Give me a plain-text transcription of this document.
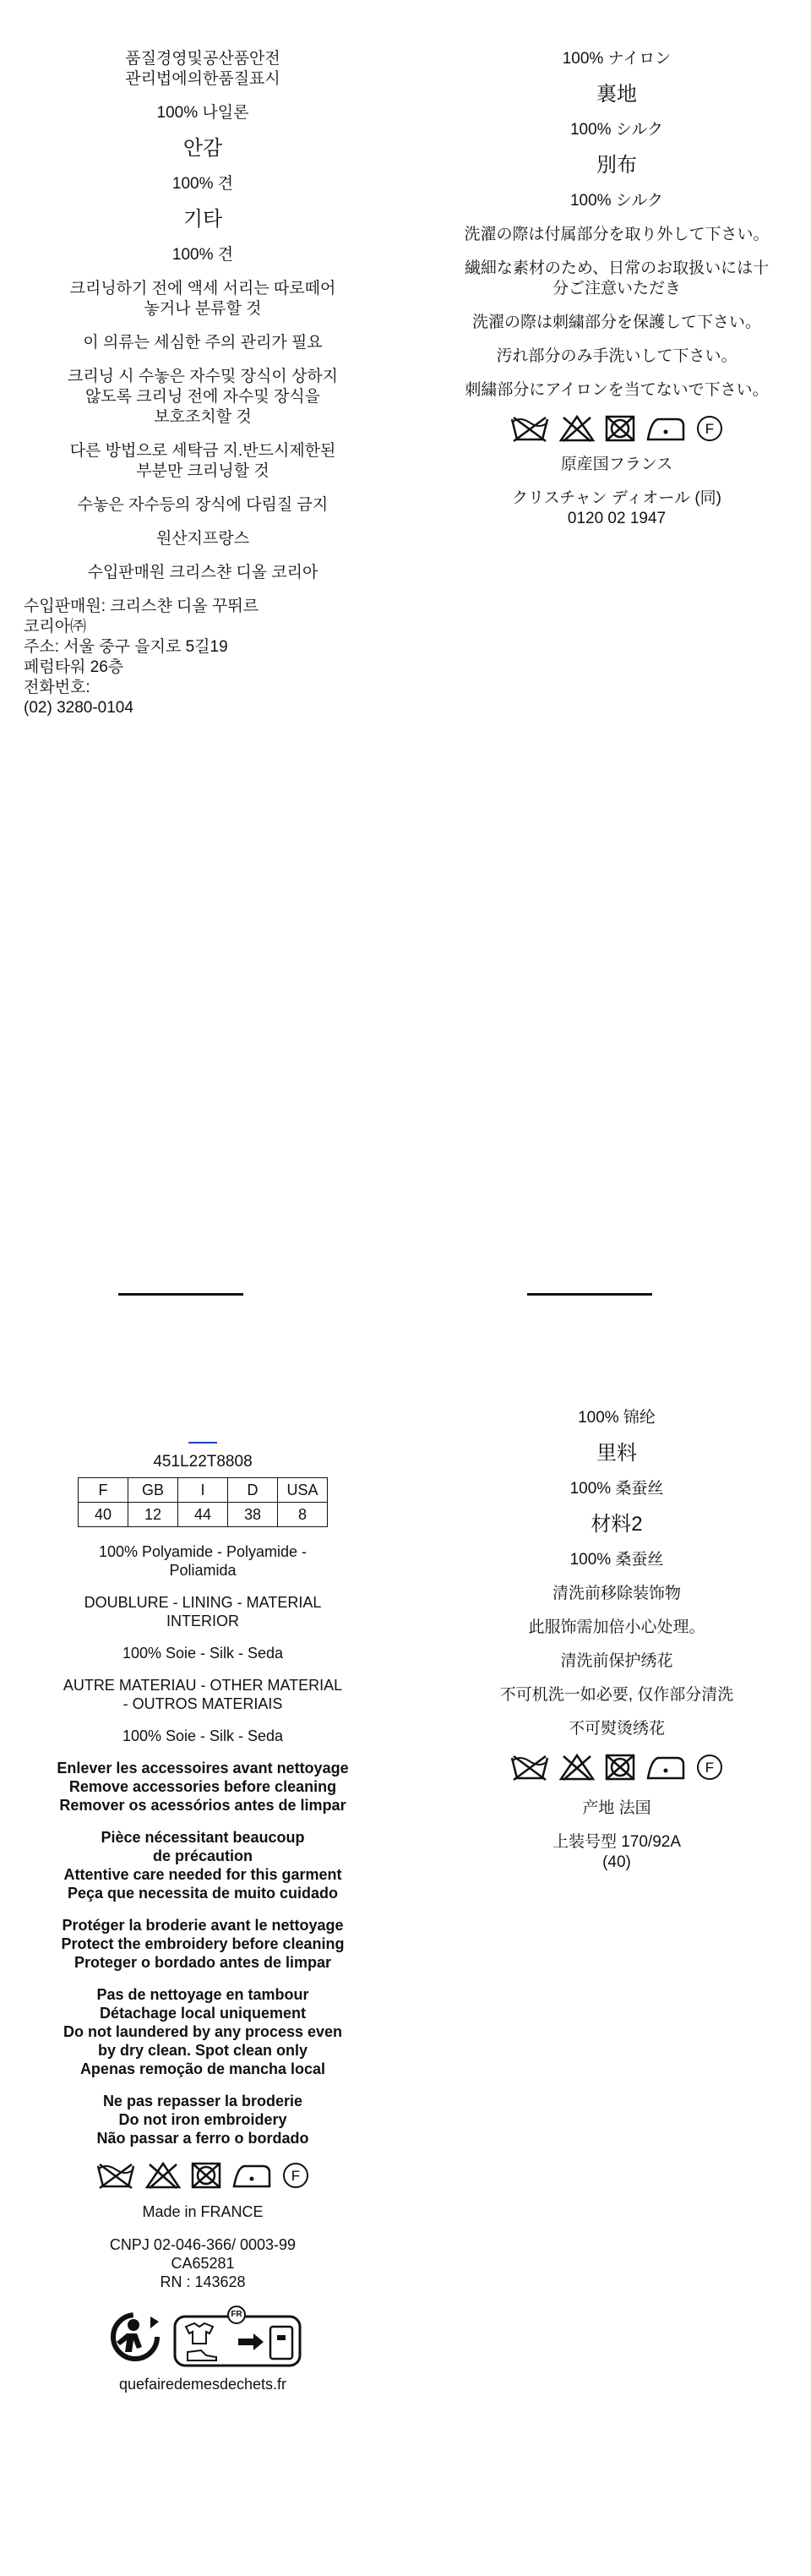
품질경영및공산품안전
관리법에의한품질표시

100% 나일론

안감

100% 견

기타

100% 견

크리닝하기 전에 액세 서리는 따로떼어
놓거나 분류할 것

이 의류는 세심한 주의 관리가 필요

크리닝 시 수놓은 자수및 장식이 상하지
않도록 크리닝 전에 자수및 장식을
보호조치할 것

다른 방법으로 세탁금 지.반드시제한된
부분만 크리닝할 것

수놓은 자수등의 장식에 다림질 금지

원산지프랑스

수입판매원 크리스챤 디올 코리아

수입판매원: 크리스챤 디올 꾸뛰르
코리아㈜
주소: 서울 중구 을지로 5길19
페럼타워 26층
전화번호:
(02) 3280-0104

100% ナイロン

裏地

100% シルク

別布

100% シルク

洗濯の際は付属部分を取り外して下さい。

繊細な素材のため、日常のお取扱いには十
分ご注意いただき

洗濯の際は刺繍部分を保護して下さい。

汚れ部分のみ手洗いして下さい。

刺繍部分にアイロンを当てないで下さい。

F

原産国フランス

クリスチャン ディオール (同)
0120 02 1947

451L22T8808

F	GB	I	D	USA
40	12	44	38	8

100% Polyamide - Polyamide -
Poliamida

DOUBLURE - LINING - MATERIAL
INTERIOR

100% Soie - Silk - Seda

AUTRE MATERIAU - OTHER MATERIAL
- OUTROS MATERIAIS

100% Soie - Silk - Seda

Enlever les accessoires avant nettoyage
Remove accessories before cleaning
Remover os acessórios antes de limpar

Pièce nécessitant beaucoup
de précaution
Attentive care needed for this garment
Peça que necessita de muito cuidado

Protéger la broderie avant le nettoyage
Protect the embroidery before cleaning
Proteger o bordado antes de limpar

Pas de nettoyage en tambour
Détachage local uniquement
Do not laundered by any process even
by dry clean. Spot clean only
Apenas remoção de mancha local

Ne pas repasser la broderie
Do not iron embroidery
Não passar a ferro o bordado

F

Made in FRANCE

CNPJ 02-046-366/ 0003-99
CA65281
RN : 143628

FR

quefairedemesdechets.fr

100% 锦纶

里料

100% 桑蚕丝

材料2

100% 桑蚕丝

清洗前移除装饰物

此服饰需加倍小心处理。

清洗前保护绣花

不可机洗一如必要, 仅作部分清洗

不可熨烫绣花

F

产地 法国

上装号型 170/92A
(40)
